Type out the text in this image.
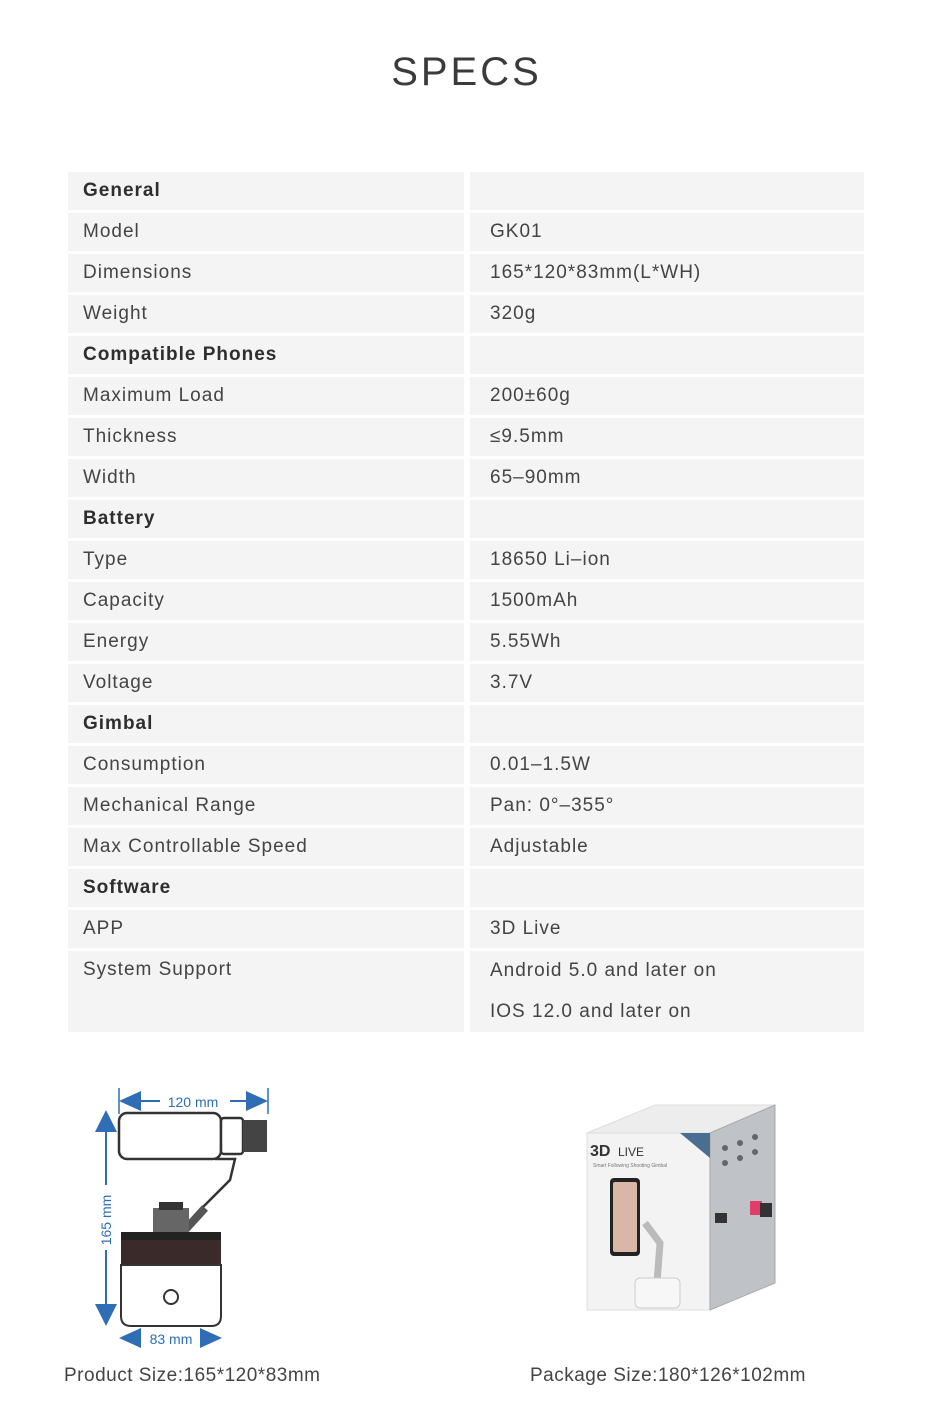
SPECS
General
Model	GK01
Dimensions	165*120*83mm(L*WH)
Weight	320g
Compatible Phones
Maximum Load	200±60g
Thickness	≤9.5mm
Width	65–90mm
Battery
Type	18650 Li–ion
Capacity	1500mAh
Energy	5.55Wh
Voltage	3.7V
Gimbal
Consumption	0.01–1.5W
Mechanical Range	Pan: 0°–355°
Max Controllable Speed	Adjustable
Software
APP	3D Live
System Support	Android 5.0 and later on
IOS 12.0 and later on
120 mm
165 mm
83 mm
3D LIVE
Smart Following Shooting Gimbal
Product Size:165*120*83mm	Package Size:180*126*102mm
